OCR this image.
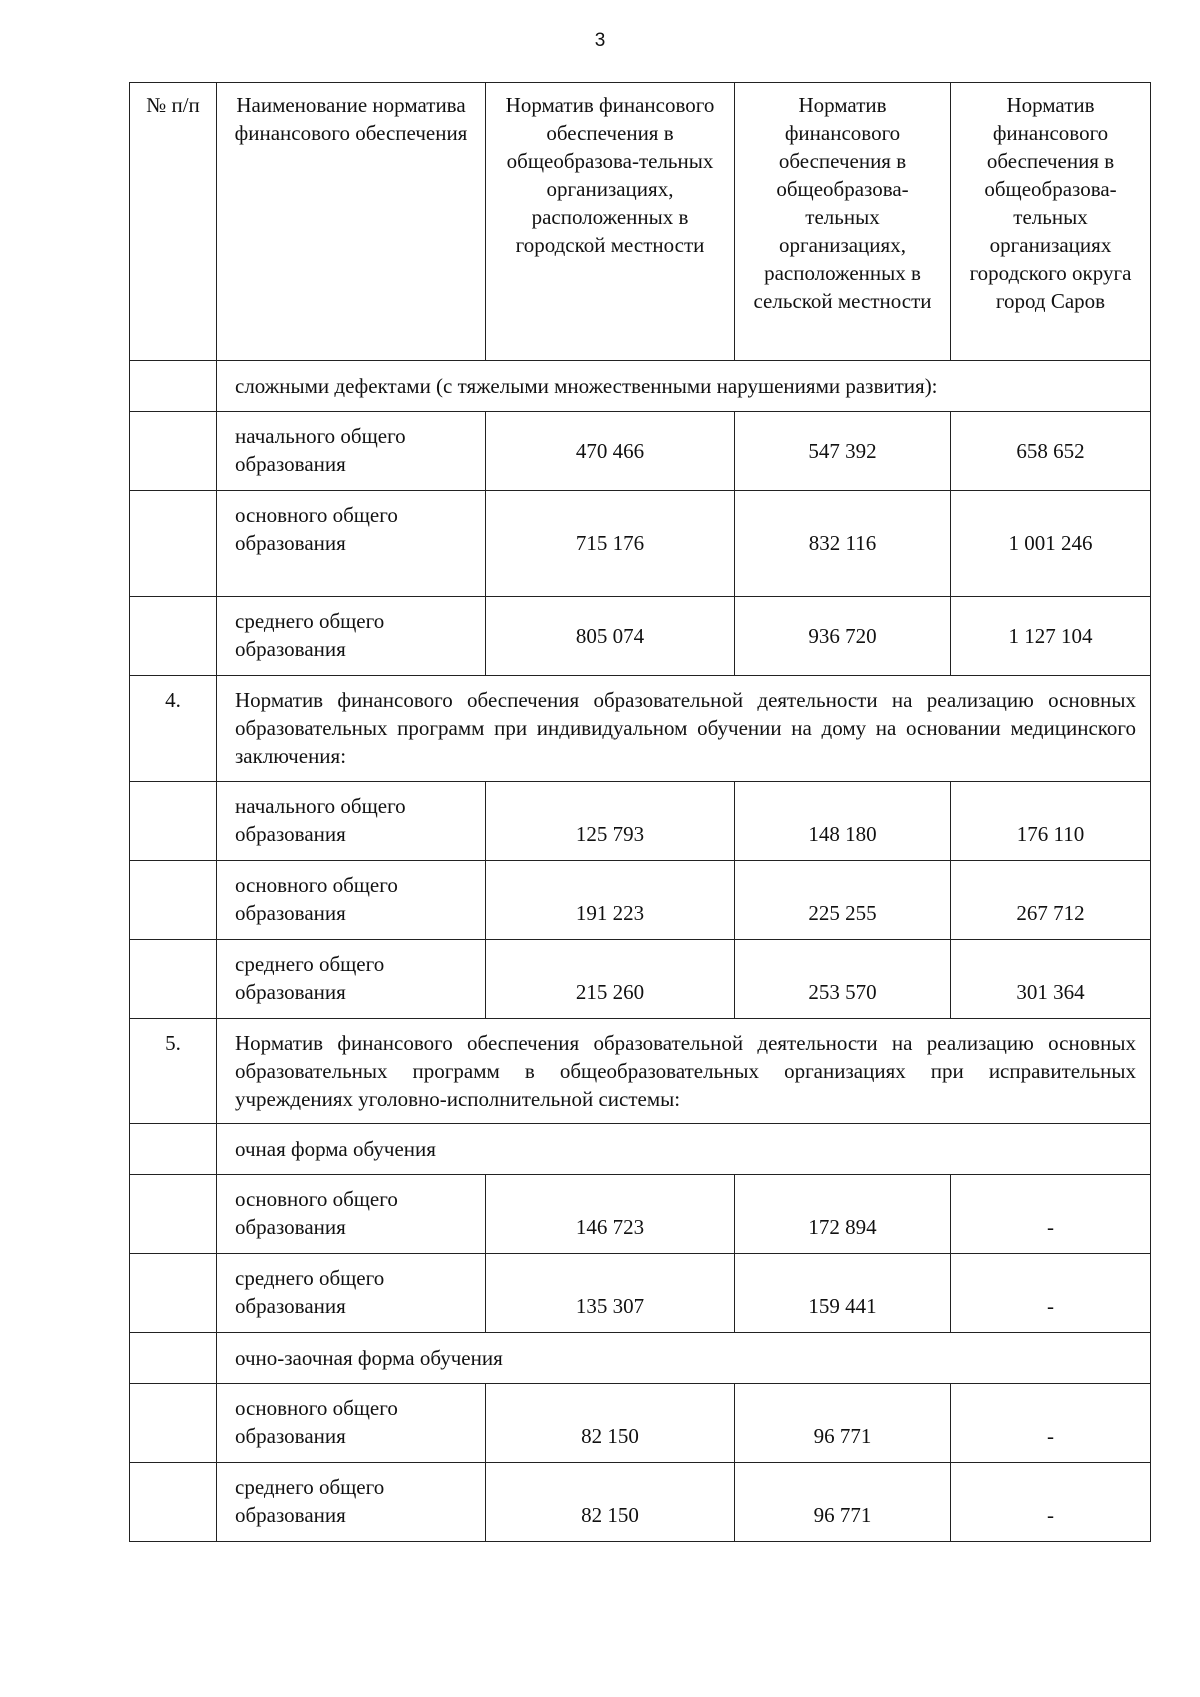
3
№ п/п	Наименование норматива финансового обеспечения	Норматив финансового обеспечения в общеобразова-тельных организациях, расположенных в городской местности	Норматив финансового обеспечения в общеобразова-тельных организациях, расположенных в сельской местности	Норматив финансового обеспечения в общеобразова-тельных организациях городского округа город Саров
	сложными дефектами (с тяжелыми множественными нарушениями развития):			
	начального общего образования	470 466	547 392	658 652
	основного общего образования	715 176	832 116	1 001 246
	среднего общего образования	805 074	936 720	1 127 104
4.	Норматив финансового обеспечения образовательной деятельности на реализацию основных образовательных программ при индивидуальном обучении на дому на основании медицинского заключения:			
	начального общего образования	125 793	148 180	176 110
	основного общего образования	191 223	225 255	267 712
	среднего общего образования	215 260	253 570	301 364
5.	Норматив финансового обеспечения образовательной деятельности на реализацию основных образовательных программ в общеобразовательных организациях при исправительных учреждениях уголовно-исполнительной системы:			
	очная форма обучения			
	основного общего образования	146 723	172 894	-
	среднего общего образования	135 307	159 441	-
	очно-заочная форма обучения			
	основного общего образования	82 150	96 771	-
	среднего общего образования	82 150	96 771	-
